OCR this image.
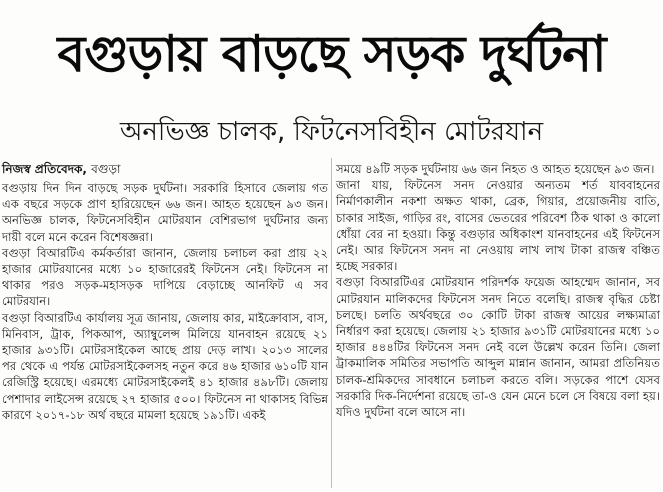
বগুড়ায় বাড়ছে সড়ক দুর্ঘটনা
অনভিজ্ঞ চালক, ফিটনেসবিহীন মোটরযান

নিজস্ব প্রতিবেদক, বগুড়া

বগুড়ায় দিন দিন বাড়ছে সড়ক দুর্ঘটনা। সরকারি হিসাবে জেলায় গত এক বছরে সড়কে প্রাণ হারিয়েছেন ৬৬ জন। আহত হয়েছেন ৯৩ জন। অনভিজ্ঞ চালক, ফিটনেসবিহীন মোটরযান বেশিরভাগ দুর্ঘটনার জন্য দায়ী বলে মনে করেন বিশেষজ্ঞরা।

বগুড়া বিআরটিএ কর্মকর্তারা জানান, জেলায় চলাচল করা প্রায় ২২ হাজার মোটরযানের মধ্যে ১০ হাজারেরই ফিটনেস নেই। ফিটনেস না থাকার পরও সড়ক-মহাসড়ক দাপিয়ে বেড়াচ্ছে আনফিট এ সব মোটরযান।

বগুড়া বিআরটিএ কার্যালয় সূত্র জানায়, জেলায় কার, মাইক্রোবাস, বাস, মিনিবাস, ট্রাক, পিকআপ, অ্যাম্বুলেন্স মিলিয়ে যানবাহন রয়েছে ২১ হাজার ৯৩১টি। মোটরসাইকেল আছে প্রায় দেড় লাখ। ২০১৩ সালের পর থেকে এ পর্যন্ত মোটরসাইকেলসহ নতুন করে ৪৬ হাজার ৬১০টি যান রেজিস্ট্রি হয়েছে। এরমধ্যে মোটরসাইকেলই ৪১ হাজার ৪৯৮টি। জেলায় পেশাদার লাইসেন্স রয়েছে ২৭ হাজার ৫০০। ফিটনেস না থাকাসহ বিভিন্ন কারণে ২০১৭-১৮ অর্থ বছরে মামলা হয়েছে ১৯১টি। একই

সময়ে ৪৯টি সড়ক দুর্ঘটনায় ৬৬ জন নিহত ও আহত হয়েছেন ৯৩ জন।

জানা যায়, ফিটনেস সনদ নেওয়ার অন্যতম শর্ত যাববাহনের নির্মাণকালীন নকশা অক্ষত থাকা, ব্রেক, গিয়ার, প্রয়োজনীয় বাতি, চাকার সাইজ, গাড়ির রং, বাসের ভেতরের পরিবেশ ঠিক থাকা ও কালো ধোঁয়া বের না হওয়া। কিন্তু বগুড়ার অধিকাংশ যানবাহনের এই ফিটনেস নেই। আর ফিটনেস সনদ না নেওয়ায় লাখ লাখ টাকা রাজস্ব বঞ্চিত হচ্ছে সরকার।

বগুড়া বিআরটিএর মোটরযান পরিদর্শক ফয়েজ আহম্মেদ জানান, সব মোটরযান মালিকদের ফিটনেস সনদ নিতে বলেছি। রাজস্ব বৃদ্ধির চেষ্টা চলছে। চলতি অর্থবছরে ৩০ কোটি টাকা রাজস্ব আয়ের লক্ষ্যমাত্রা নির্ধারণ করা হয়েছে। জেলায় ২১ হাজার ৯৩১টি মোটরযানের মধ্যে ১০ হাজার ৪৪৪টির ফিটনেস সনদ নেই বলে উল্লেখ করেন তিনি। জেলা ট্রাকমালিক সমিতির সভাপতি আব্দুল মান্নান জানান, আমরা প্রতিনিয়ত চালক-শ্রমিকদের সাবধানে চলাচল করতে বলি। সড়কের পাশে যেসব সরকারি দিক-নির্দেশনা রয়েছে তা-ও যেন মেনে চলে সে বিষয়ে বলা হয়। যদিও দুর্ঘটনা বলে আসে না।
